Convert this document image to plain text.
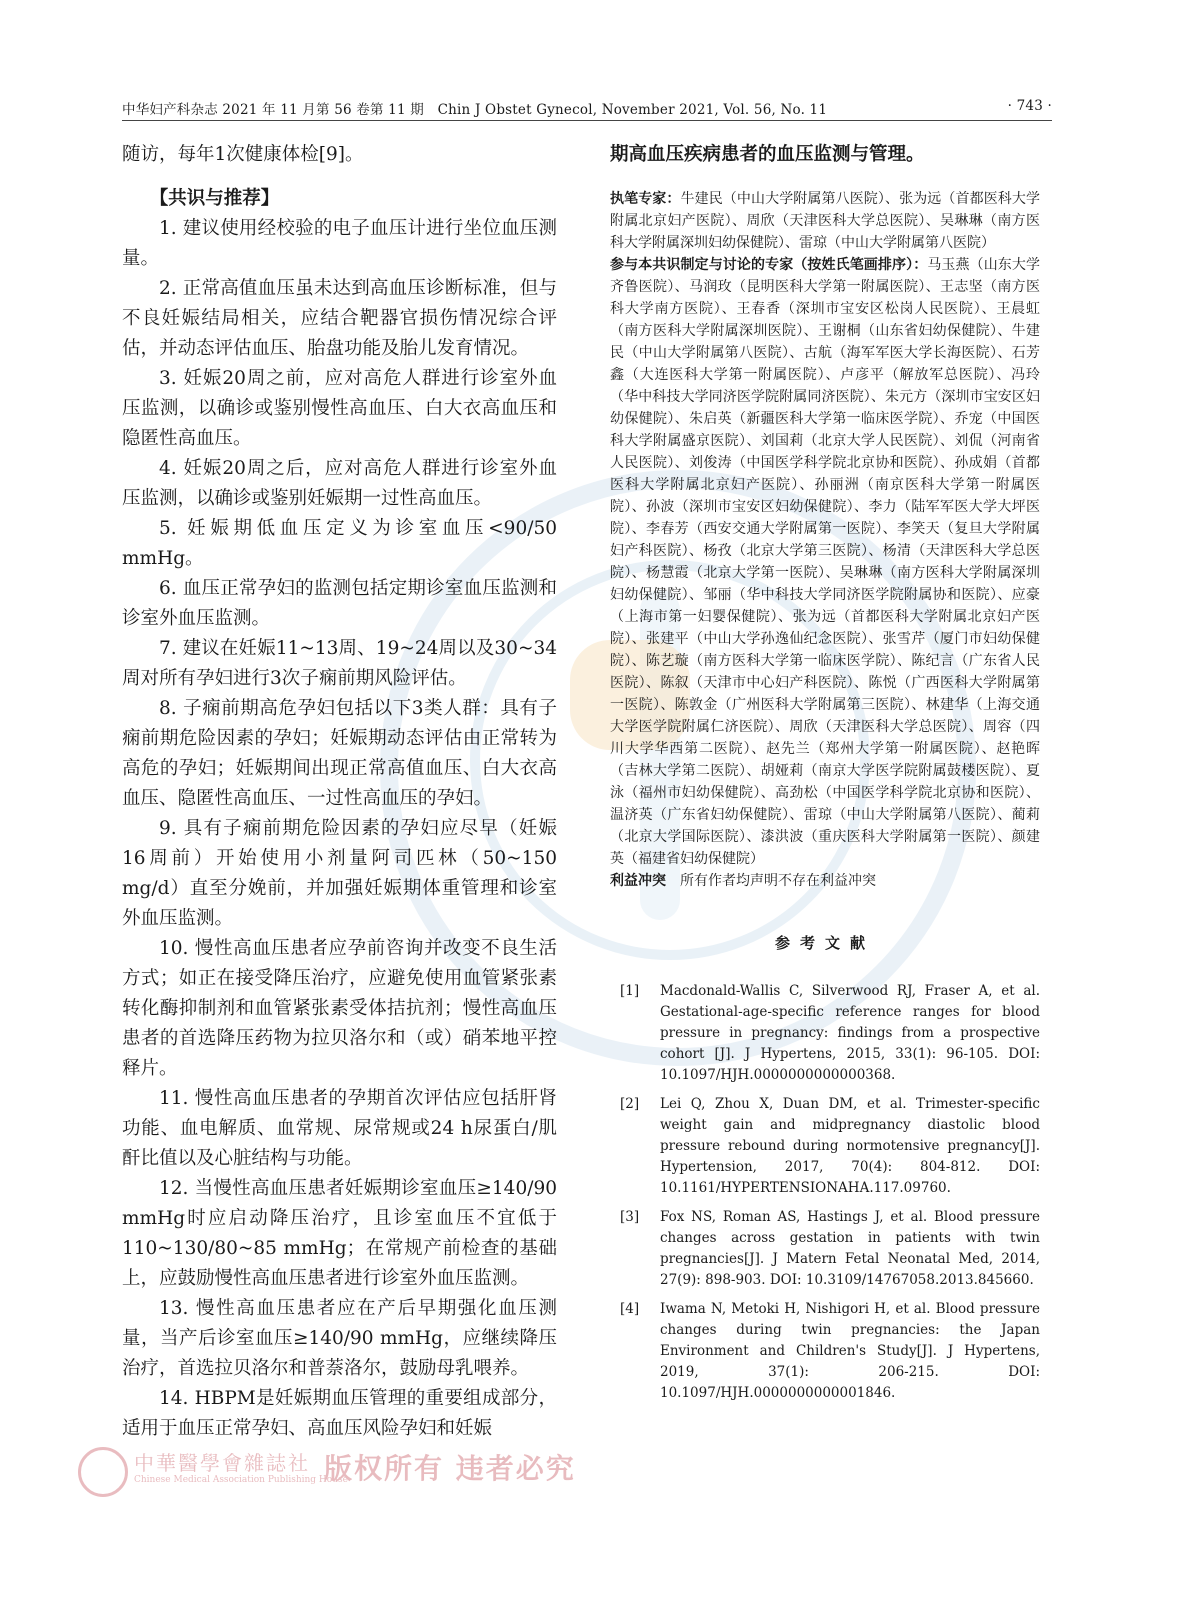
中华妇产科杂志 2021 年 11 月第 56 卷第 11 期　Chin J Obstet Gynecol, November 2021, Vol. 56, No. 11	· 743 ·

随访，每年1次健康体检[9]。

【共识与推荐】

1. 建议使用经校验的电子血压计进行坐位血压测量。

2. 正常高值血压虽未达到高血压诊断标准，但与不良妊娠结局相关，应结合靶器官损伤情况综合评估，并动态评估血压、胎盘功能及胎儿发育情况。

3. 妊娠20周之前，应对高危人群进行诊室外血压监测，以确诊或鉴别慢性高血压、白大衣高血压和隐匿性高血压。

4. 妊娠20周之后，应对高危人群进行诊室外血压监测，以确诊或鉴别妊娠期一过性高血压。

5. 妊娠期低血压定义为诊室血压<90/50 mmHg。

6. 血压正常孕妇的监测包括定期诊室血压监测和诊室外血压监测。

7. 建议在妊娠11~13周、19~24周以及30~34周对所有孕妇进行3次子痫前期风险评估。

8. 子痫前期高危孕妇包括以下3类人群：具有子痫前期危险因素的孕妇；妊娠期动态评估由正常转为高危的孕妇；妊娠期间出现正常高值血压、白大衣高血压、隐匿性高血压、一过性高血压的孕妇。

9. 具有子痫前期危险因素的孕妇应尽早（妊娠16周前）开始使用小剂量阿司匹林（50~150 mg/d）直至分娩前，并加强妊娠期体重管理和诊室外血压监测。

10. 慢性高血压患者应孕前咨询并改变不良生活方式；如正在接受降压治疗，应避免使用血管紧张素转化酶抑制剂和血管紧张素受体拮抗剂；慢性高血压患者的首选降压药物为拉贝洛尔和（或）硝苯地平控释片。

11. 慢性高血压患者的孕期首次评估应包括肝肾功能、血电解质、血常规、尿常规或24 h尿蛋白/肌酐比值以及心脏结构与功能。

12. 当慢性高血压患者妊娠期诊室血压≥140/90 mmHg时应启动降压治疗，且诊室血压不宜低于110~130/80~85 mmHg；在常规产前检查的基础上，应鼓励慢性高血压患者进行诊室外血压监测。

13. 慢性高血压患者应在产后早期强化血压测量，当产后诊室血压≥140/90 mmHg，应继续降压治疗，首选拉贝洛尔和普萘洛尔，鼓励母乳喂养。

14. HBPM是妊娠期血压管理的重要组成部分，适用于血压正常孕妇、高血压风险孕妇和妊娠

期高血压疾病患者的血压监测与管理。

执笔专家：牛建民（中山大学附属第八医院）、张为远（首都医科大学附属北京妇产医院）、周欣（天津医科大学总医院）、吴琳琳（南方医科大学附属深圳妇幼保健院）、雷琼（中山大学附属第八医院）

参与本共识制定与讨论的专家（按姓氏笔画排序）：马玉燕（山东大学齐鲁医院）、马润玫（昆明医科大学第一附属医院）、王志坚（南方医科大学南方医院）、王春香（深圳市宝安区松岗人民医院）、王晨虹（南方医科大学附属深圳医院）、王谢桐（山东省妇幼保健院）、牛建民（中山大学附属第八医院）、古航（海军军医大学长海医院）、石芳鑫（大连医科大学第一附属医院）、卢彦平（解放军总医院）、冯玲（华中科技大学同济医学院附属同济医院）、朱元方（深圳市宝安区妇幼保健院）、朱启英（新疆医科大学第一临床医学院）、乔宠（中国医科大学附属盛京医院）、刘国莉（北京大学人民医院）、刘侃（河南省人民医院）、刘俊涛（中国医学科学院北京协和医院）、孙成娟（首都医科大学附属北京妇产医院）、孙丽洲（南京医科大学第一附属医院）、孙波（深圳市宝安区妇幼保健院）、李力（陆军军医大学大坪医院）、李春芳（西安交通大学附属第一医院）、李笑天（复旦大学附属妇产科医院）、杨孜（北京大学第三医院）、杨清（天津医科大学总医院）、杨慧霞（北京大学第一医院）、吴琳琳（南方医科大学附属深圳妇幼保健院）、邹丽（华中科技大学同济医学院附属协和医院）、应豪（上海市第一妇婴保健院）、张为远（首都医科大学附属北京妇产医院）、张建平（中山大学孙逸仙纪念医院）、张雪芹（厦门市妇幼保健院）、陈艺璇（南方医科大学第一临床医学院）、陈纪言（广东省人民医院）、陈叙（天津市中心妇产科医院）、陈悦（广西医科大学附属第一医院）、陈敦金（广州医科大学附属第三医院）、林建华（上海交通大学医学院附属仁济医院）、周欣（天津医科大学总医院）、周容（四川大学华西第二医院）、赵先兰（郑州大学第一附属医院）、赵艳晖（吉林大学第二医院）、胡娅莉（南京大学医学院附属鼓楼医院）、夏泳（福州市妇幼保健院）、高劲松（中国医学科学院北京协和医院）、温济英（广东省妇幼保健院）、雷琼（中山大学附属第八医院）、蔺莉（北京大学国际医院）、漆洪波（重庆医科大学附属第一医院）、颜建英（福建省妇幼保健院）

利益冲突　 所有作者均声明不存在利益冲突

参考文献
[1] Macdonald-Wallis C, Silverwood RJ, Fraser A, et al. Gestational-age-specific reference ranges for blood pressure in pregnancy: findings from a prospective cohort [J]. J Hypertens, 2015, 33(1): 96-105. DOI: 10.1097/HJH.0000000000000368.
[2] Lei Q, Zhou X, Duan DM, et al. Trimester-specific weight gain and midpregnancy diastolic blood pressure rebound during normotensive pregnancy[J]. Hypertension, 2017, 70(4): 804-812. DOI: 10.1161/HYPERTENSIONAHA.117.09760.
[3] Fox NS, Roman AS, Hastings J, et al. Blood pressure changes across gestation in patients with twin pregnancies[J]. J Matern Fetal Neonatal Med, 2014, 27(9): 898-903. DOI: 10.3109/14767058.2013.845660.
[4] Iwama N, Metoki H, Nishigori H, et al. Blood pressure changes during twin pregnancies: the Japan Environment and Children's Study[J]. J Hypertens, 2019, 37(1): 206-215. DOI: 10.1097/HJH.0000000000001846.
中華醫學會雜誌社
Chinese Medical Association Publishing House
版权所有 违者必究
